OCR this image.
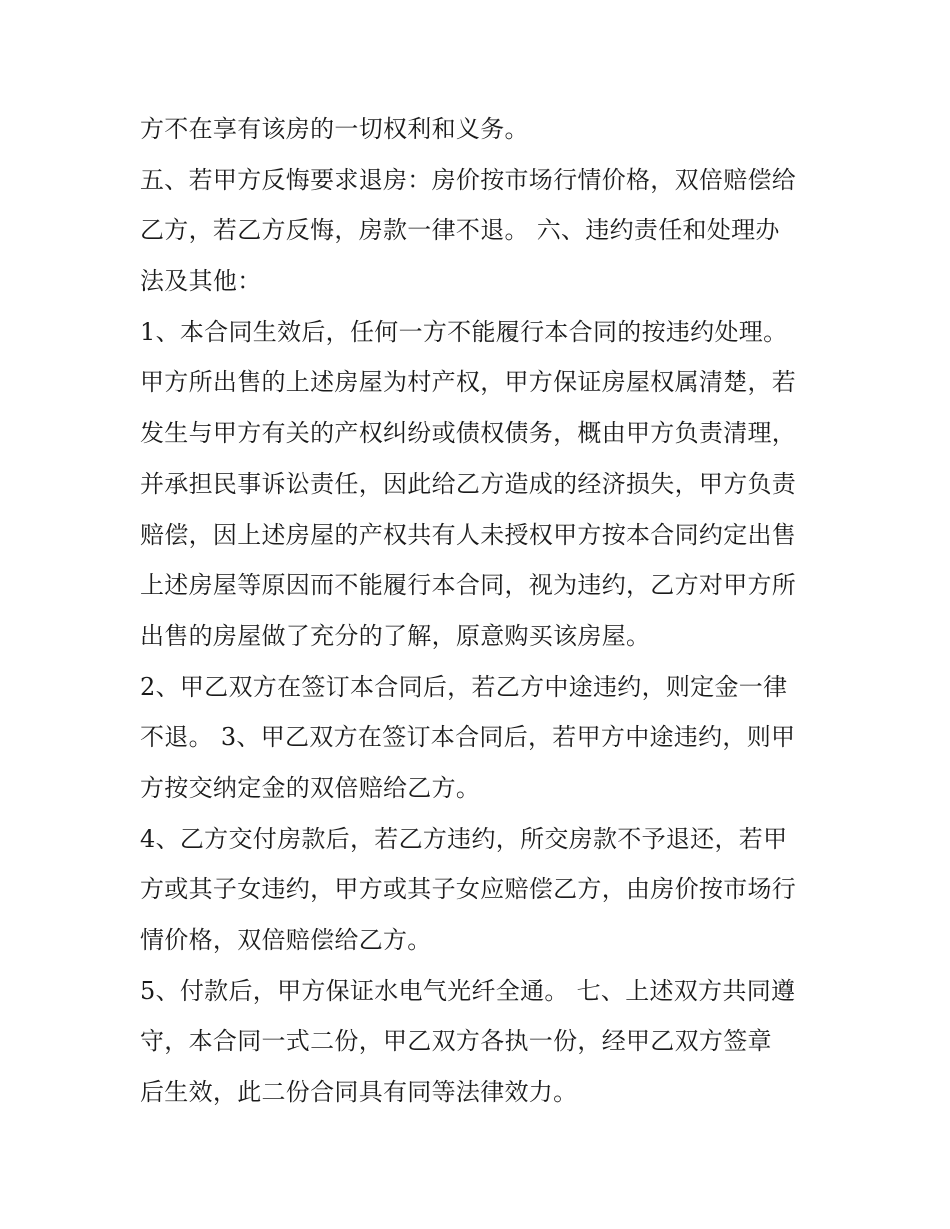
方不在享有该房的一切权利和义务。
五、若甲方反悔要求退房：房价按市场行情价格，双倍赔偿给
乙方，若乙方反悔，房款一律不退。 六、违约责任和处理办
法及其他：
1、本合同生效后，任何一方不能履行本合同的按违约处理。
甲方所出售的上述房屋为村产权，甲方保证房屋权属清楚，若
发生与甲方有关的产权纠纷或债权债务，概由甲方负责清理，
并承担民事诉讼责任，因此给乙方造成的经济损失，甲方负责
赔偿，因上述房屋的产权共有人未授权甲方按本合同约定出售
上述房屋等原因而不能履行本合同，视为违约，乙方对甲方所
出售的房屋做了充分的了解，原意购买该房屋。
2、甲乙双方在签订本合同后，若乙方中途违约，则定金一律
不退。 3、甲乙双方在签订本合同后，若甲方中途违约，则甲
方按交纳定金的双倍赔给乙方。
4、乙方交付房款后，若乙方违约，所交房款不予退还，若甲
方或其子女违约，甲方或其子女应赔偿乙方，由房价按市场行
情价格，双倍赔偿给乙方。
5、付款后，甲方保证水电气光纤全通。 七、上述双方共同遵
守，本合同一式二份，甲乙双方各执一份，经甲乙双方签章
后生效，此二份合同具有同等法律效力。
